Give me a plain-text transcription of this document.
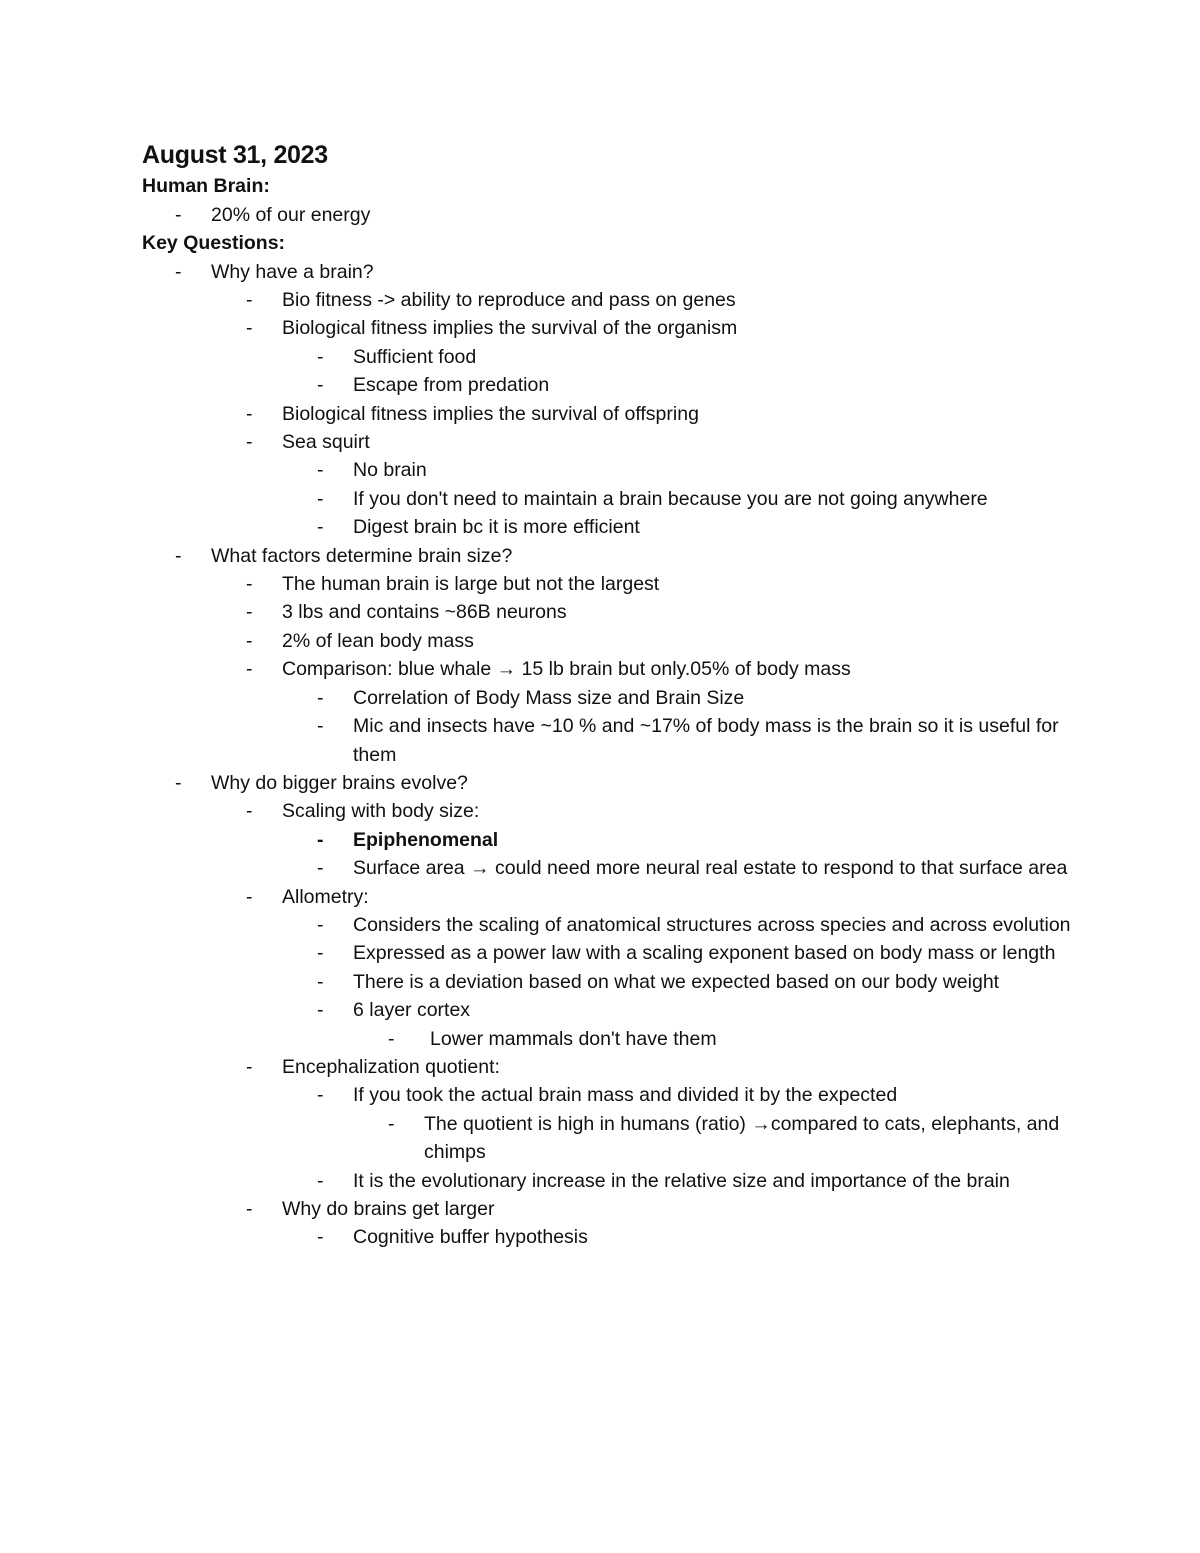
August 31, 2023
Human Brain:
- 20% of our energy
Key Questions:
- Why have a brain?
- Bio fitness -> ability to reproduce and pass on genes
- Biological fitness implies the survival of the organism
- Sufficient food
- Escape from predation
- Biological fitness implies the survival of offspring
- Sea squirt
- No brain
- If you don't need to maintain a brain because you are not going anywhere
- Digest brain bc it is more efficient
- What factors determine brain size?
- The human brain is large but not the largest
- 3 lbs and contains ~86B neurons
- 2% of lean body mass
- Comparison: blue whale → 15 lb brain but only.05% of body mass
- Correlation of Body Mass size and Brain Size
- Mic and insects have ~10 % and ~17% of body mass is the brain so it is useful for them
- Why do bigger brains evolve?
- Scaling with body size:
- Epiphenomenal
- Surface area → could need more neural real estate to respond to that surface area
- Allometry:
- Considers the scaling of anatomical structures across species and across evolution
- Expressed as a power law with a scaling exponent based on body mass or length
- There is a deviation based on what we expected based on our body weight
- 6 layer cortex
- Lower mammals don't have them
- Encephalization quotient:
- If you took the actual brain mass and divided it by the expected
- The quotient is high in humans (ratio) →compared to cats, elephants, and chimps
- It is the evolutionary increase in the relative size and importance of the brain
- Why do brains get larger
- Cognitive buffer hypothesis
